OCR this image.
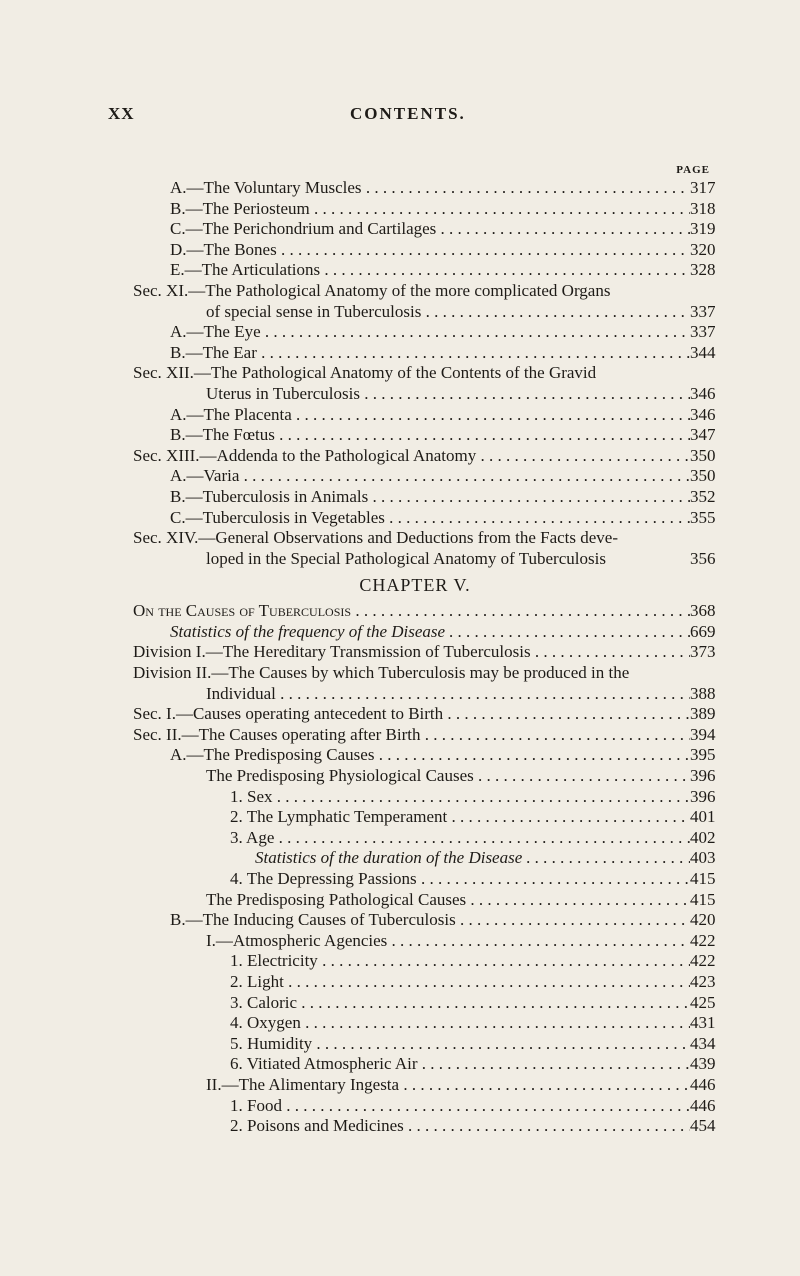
XX	CONTENTS.
PAGE
A.—The Voluntary Muscles . . .	317
B.—The Periosteum . . .	318
C.—The Perichondrium and Cartilages . . .	319
D.—The Bones . . .	320
E.—The Articulations . . .	328
Sec. XI.—The Pathological Anatomy of the more complicated Organs
of special sense in Tuberculosis . . .	337
A.—The Eye . . .	337
B.—The Ear . . .	344
Sec. XII.—The Pathological Anatomy of the Contents of the Gravid
Uterus in Tuberculosis . . .	346
A.—The Placenta . . .	346
B.—The Fœtus . . .	347
Sec. XIII.—Addenda to the Pathological Anatomy . . .	350
A.—Varia . . .	350
B.—Tuberculosis in Animals . . .	352
C.—Tuberculosis in Vegetables . . .	355
Sec. XIV.—General Observations and Deductions from the Facts deve-
loped in the Special Pathological Anatomy of Tuberculosis	356
CHAPTER V.
On the Causes of Tuberculosis . . .	368
Statistics of the frequency of the Disease . . .	669
Division I.—The Hereditary Transmission of Tuberculosis . . .	373
Division II.—The Causes by which Tuberculosis may be produced in the
Individual . . .	388
Sec. I.—Causes operating antecedent to Birth . . .	389
Sec. II.—The Causes operating after Birth . . .	394
A.—The Predisposing Causes . . .	395
The Predisposing Physiological Causes . . .	396
1. Sex . . .	396
2. The Lymphatic Temperament . . .	401
3. Age . . .	402
Statistics of the duration of the Disease . . .	403
4. The Depressing Passions . . .	415
The Predisposing Pathological Causes . . .	415
B.—The Inducing Causes of Tuberculosis . . .	420
I.—Atmospheric Agencies . . .	422
1. Electricity . . .	422
2. Light . . .	423
3. Caloric . . .	425
4. Oxygen . . .	431
5. Humidity . . .	434
6. Vitiated Atmospheric Air . . .	439
II.—The Alimentary Ingesta . . .	446
1. Food . . .	446
2. Poisons and Medicines . . .	454
